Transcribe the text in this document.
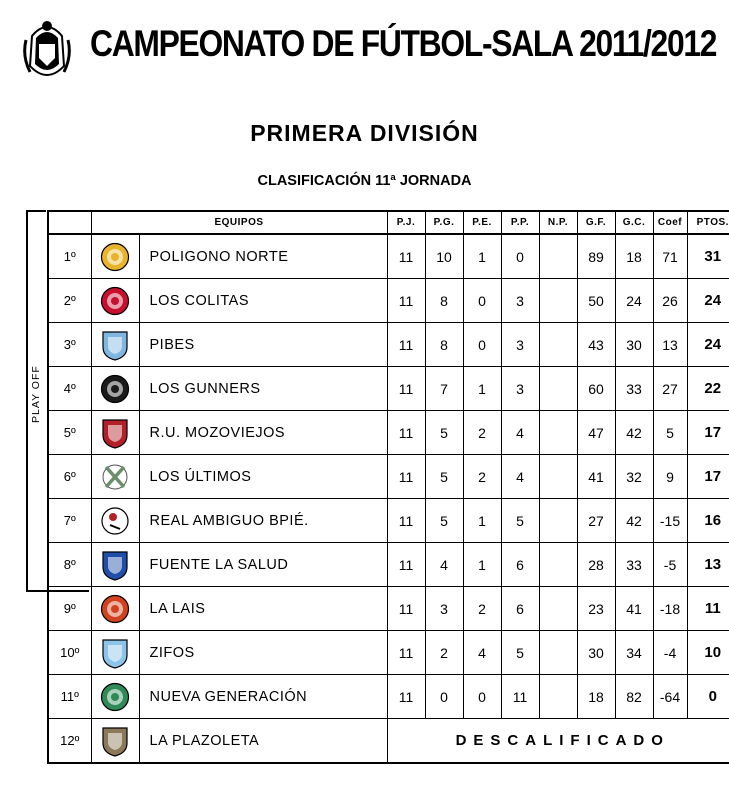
CAMPEONATO DE FÚTBOL-SALA 2011/2012
PRIMERA DIVISIÓN
CLASIFICACIÓN 11ª JORNADA
PLAY OFF
	EQUIPOS		P.J.	P.G.	P.E.	P.P.	N.P.	G.F.	G.C.	Coef	PTOS.
1º		POLIGONO NORTE	11	10	1	0		89	18	71	31
2º		LOS COLITAS	11	8	0	3		50	24	26	24
3º		PIBES	11	8	0	3		43	30	13	24
4º		LOS GUNNERS	11	7	1	3		60	33	27	22
5º		R.U. MOZOVIEJOS	11	5	2	4		47	42	5	17
6º		LOS ÚLTIMOS	11	5	2	4		41	32	9	17
7º		REAL AMBIGUO BPIÉ.	11	5	1	5		27	42	-15	16
8º		FUENTE LA SALUD	11	4	1	6		28	33	-5	13
9º		LA LAIS	11	3	2	6		23	41	-18	11
10º		ZIFOS	11	2	4	5		30	34	-4	10
11º		NUEVA GENERACIÓN	11	0	0	11		18	82	-64	0
12º		LA PLAZOLETA	DESCALIFICADO								
